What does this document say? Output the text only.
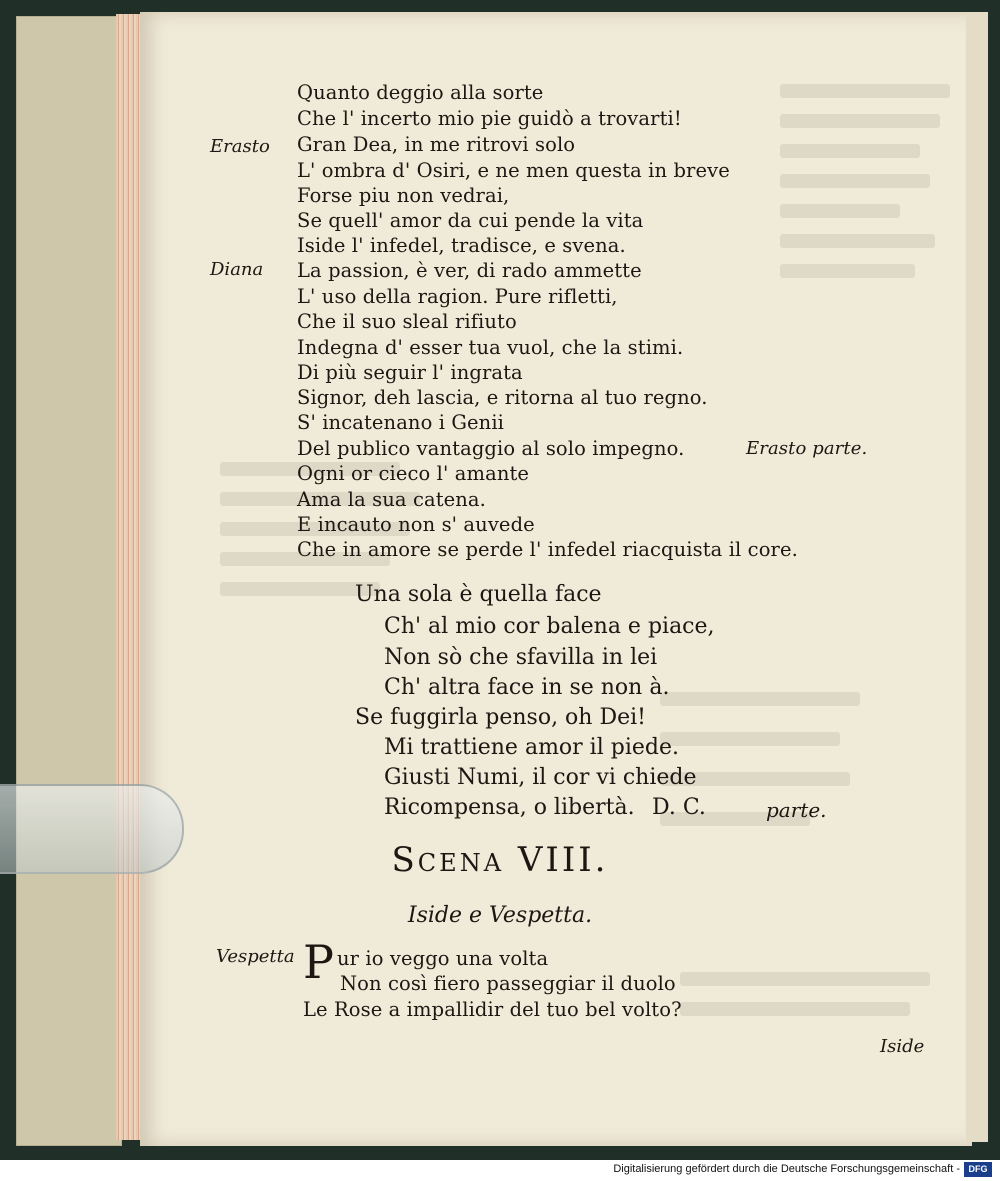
Erasto
Diana
Vespetta
Quanto deggio alla sorte
Che l' incerto mio pie guidò a trovarti!
Gran Dea, in me ritrovi solo
L' ombra d' Osiri, e ne men questa in breve
Forse piu non vedrai,
Se quell' amor da cui pende la vita
Iside l' infedel, tradisce, e svena.
La passion, è ver, di rado ammette
L' uso della ragion. Pure rifletti,
Che il suo sleal rifiuto
Indegna d' esser tua vuol, che la stimi.
Di più seguir l' ingrata
Signor, deh lascia, e ritorna al tuo regno.
S' incatenano i Genii
Del publico vantaggio al solo impegno.
Ogni or cieco l' amante
Ama la sua catena.
E incauto non s' auvede
Che in amore se perde l' infedel riacquista il core.
Erasto parte.
Una sola è quella face
Ch' al mio cor balena e piace,
Non sò che sfavilla in lei
Ch' altra face in se non à.
Se fuggirla penso, oh Dei!
Mi trattiene amor il piede.
Giusti Numi, il cor vi chiede
Ricompensa, o libertà. D. C.	parte.
Scena VIII.
Iside e Vespetta.
P ur io veggo una volta
Non così fiero passeggiar il duolo
Le Rose a impallidir del tuo bel volto?
Iside
Digitalisierung gefördert durch die Deutsche Forschungsgemeinschaft - DFG
